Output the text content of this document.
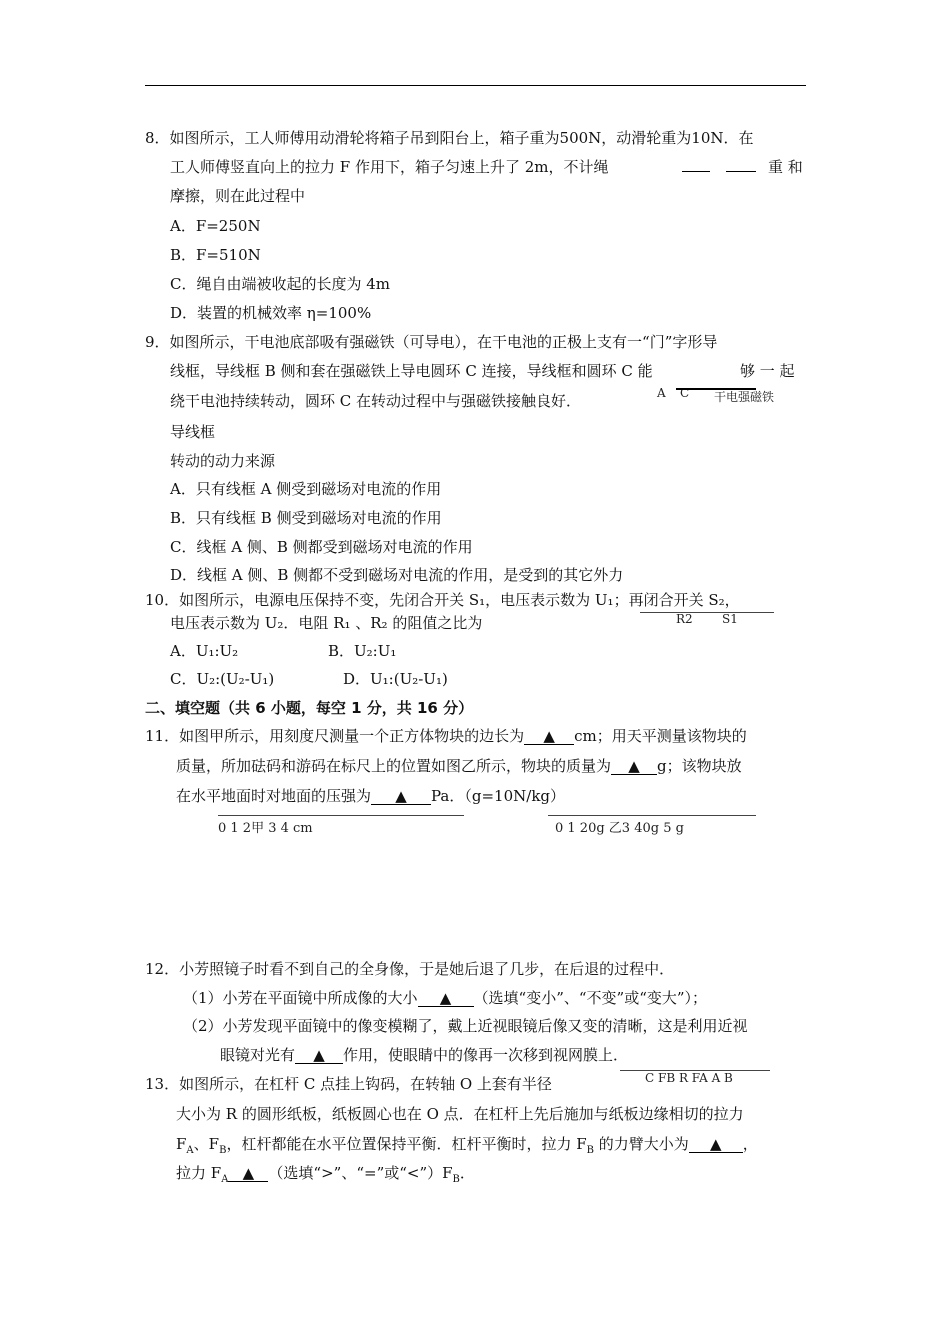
8．如图所示，工人师傅用动滑轮将箱子吊到阳台上，箱子重为500N，动滑轮重为10N．在
工人师傅竖直向上的拉力 F 作用下，箱子匀速上升了 2m，不计绳
	重 和
摩擦，则在此过程中
A．F=250N
B．F=510N
C．绳自由端被收起的长度为 4m
D．装置的机械效率 η=100%
9．如图所示，干电池底部吸有强磁铁（可导电），在干电池的正极上支有一“门”字形导
线框，导线框 B 侧和套在强磁铁上导电圆环 C 连接，导线框和圆环 C 能	够 一 起
绕干电池持续转动，圆环 C 在转动过程中与强磁铁接触良好．	A C 干电强磁铁
导线框
转动的动力来源
A．只有线框 A 侧受到磁场对电流的作用
B．只有线框 B 侧受到磁场对电流的作用
C．线框 A 侧、B 侧都受到磁场对电流的作用
D．线框 A 侧、B 侧都不受到磁场对电流的作用，是受到的其它外力
10．如图所示，电源电压保持不变，先闭合开关 S₁，电压表示数为 U₁；再闭合开关 S₂，
电压表示数为 U₂．电阻 R₁ 、R₂ 的阻值之比为	R2 S1
A．U₁:U₂	B．U₂:U₁
C．U₂:(U₂-U₁)	D．U₁:(U₂-U₁)
二、填空题（共 6 小题，每空 1 分，共 16 分）
11．如图甲所示，用刻度尺测量一个正方体物块的边长为 ▲ cm；用天平测量该物块的
质量，所加砝码和游码在标尺上的位置如图乙所示，物块的质量为 ▲ g；该物块放
在水平地面时对地面的压强为 ▲ Pa．（g=10N/kg）
0 1 2甲 3 4 cm	0 1 20g 乙3 40g 5 g
12．小芳照镜子时看不到自己的全身像，于是她后退了几步，在后退的过程中．
（1）小芳在平面镜中所成像的大小 ▲ （选填“变小”、“不变”或“变大”）；
（2）小芳发现平面镜中的像变模糊了，戴上近视眼镜后像又变的清晰，这是利用近视
眼镜对光有 ▲ 作用，使眼睛中的像再一次移到视网膜上．
13．如图所示，在杠杆 C 点挂上钩码，在转轴 O 上套有半径	C FB R FA A B
大小为 R 的圆形纸板，纸板圆心也在 O 点．在杠杆上先后施加与纸板边缘相切的拉力
$F_A$、$F_B$，杠杆都能在水平位置保持平衡．杠杆平衡时，拉力 $F_B$ 的力臂大小为 ▲ ，
拉力 $F_A$ ▲ （选填“>”、“=”或“$<”)F_B$．
